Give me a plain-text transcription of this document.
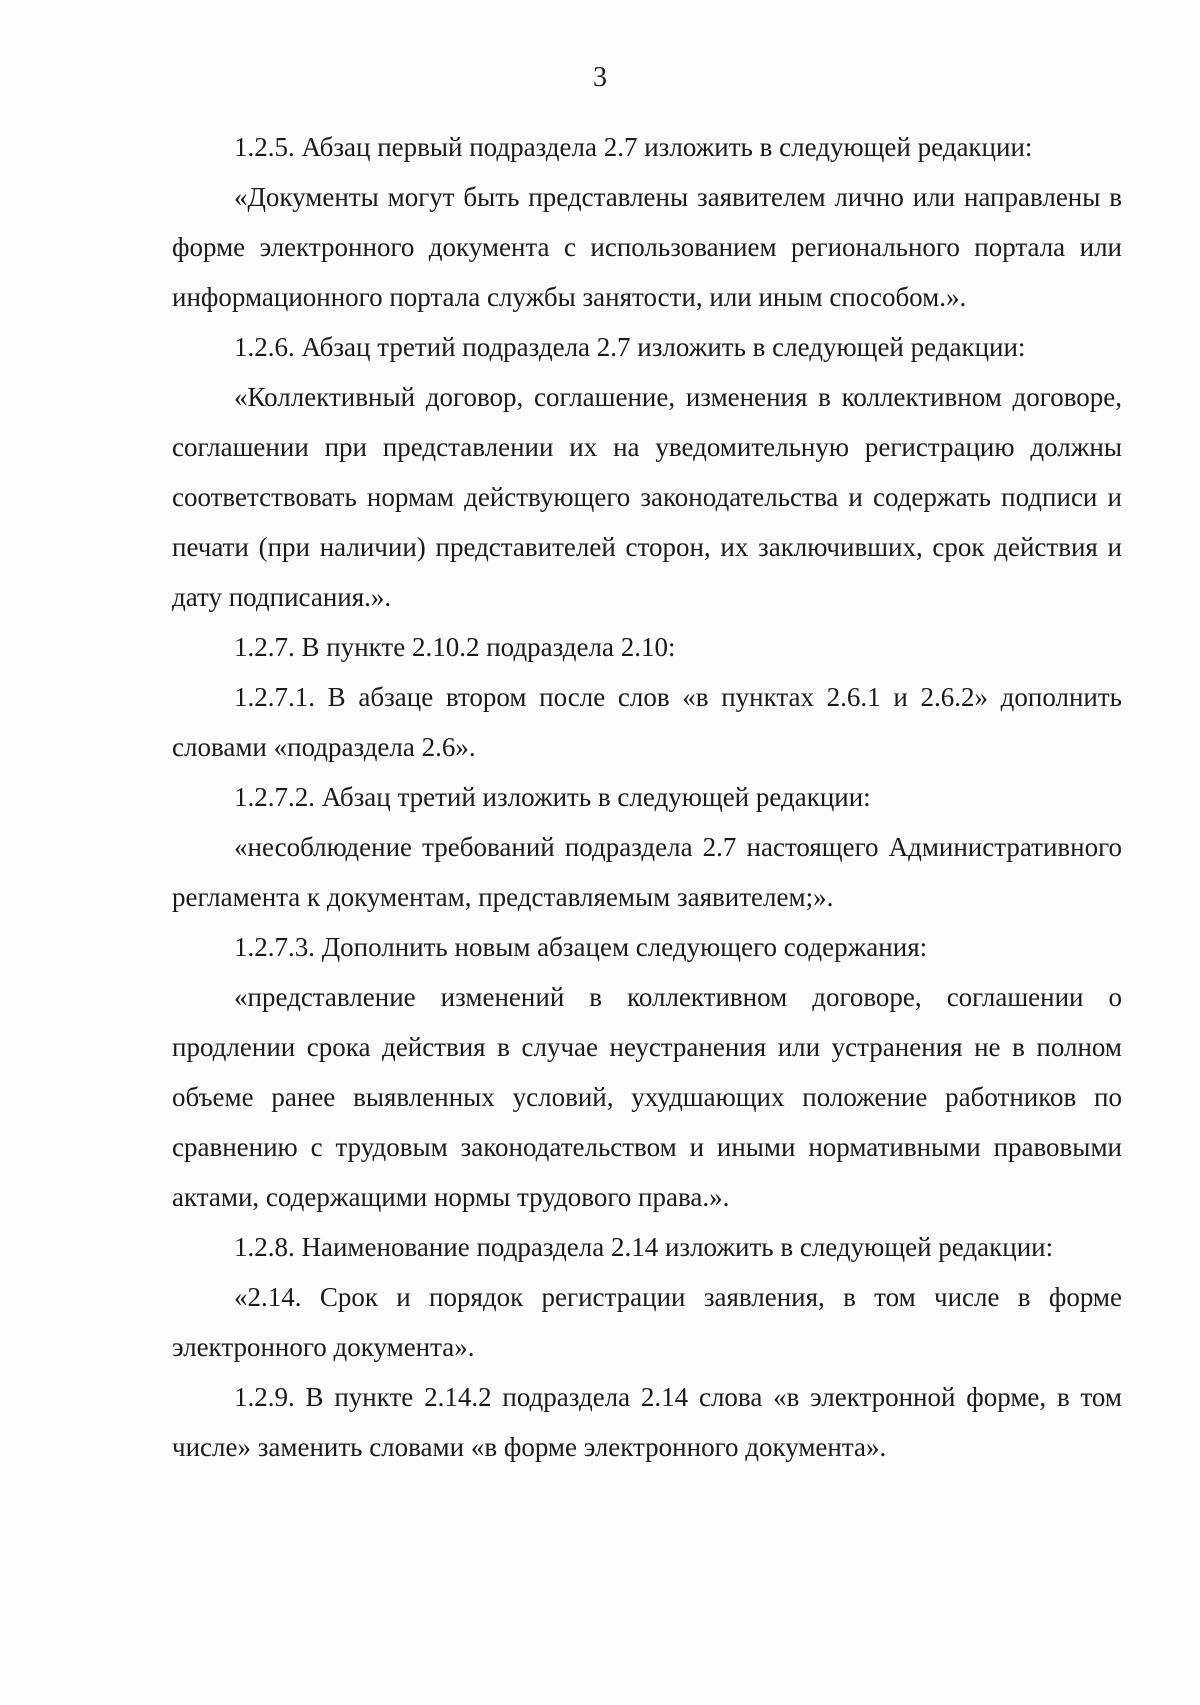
3

1.2.5. Абзац первый подраздела 2.7 изложить в следующей редакции:

«Документы могут быть представлены заявителем лично или направлены в форме электронного документа с использованием регионального портала или информационного портала службы занятости, или иным способом.».

1.2.6. Абзац третий подраздела 2.7 изложить в следующей редакции:

«Коллективный договор, соглашение, изменения в коллективном договоре, соглашении при представлении их на уведомительную регистрацию должны соответствовать нормам действующего законодательства и содержать подписи и печати (при наличии) представителей сторон, их заключивших, срок действия и дату подписания.».

1.2.7. В пункте 2.10.2 подраздела 2.10:

1.2.7.1. В абзаце втором после слов «в пунктах 2.6.1 и 2.6.2» дополнить словами «подраздела 2.6».

1.2.7.2. Абзац третий изложить в следующей редакции:

«несоблюдение требований подраздела 2.7 настоящего Административного регламента к документам, представляемым заявителем;».

1.2.7.3. Дополнить новым абзацем следующего содержания:

«представление изменений в коллективном договоре, соглашении о продлении срока действия в случае неустранения или устранения не в полном объеме ранее выявленных условий, ухудшающих положение работников по сравнению с трудовым законодательством и иными нормативными правовыми актами, содержащими нормы трудового права.».

1.2.8. Наименование подраздела 2.14 изложить в следующей редакции:

«2.14. Срок и порядок регистрации заявления, в том числе в форме электронного документа».

1.2.9. В пункте 2.14.2 подраздела 2.14 слова «в электронной форме, в том числе» заменить словами «в форме электронного документа».
